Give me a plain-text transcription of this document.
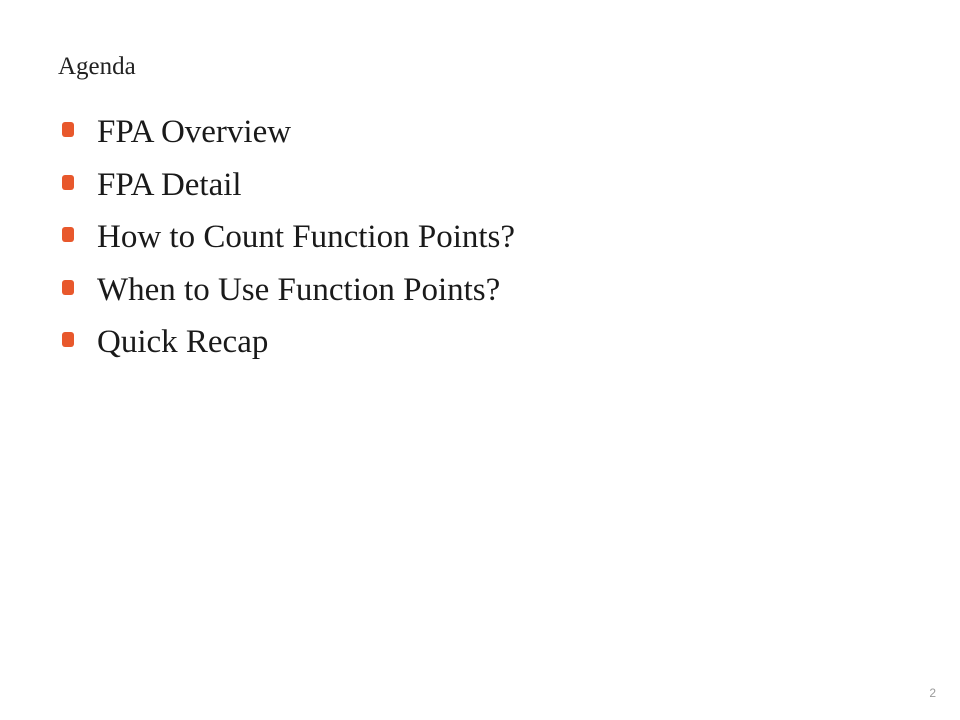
Agenda
FPA Overview
FPA Detail
How to Count Function Points?
When to Use Function Points?
Quick Recap
2
